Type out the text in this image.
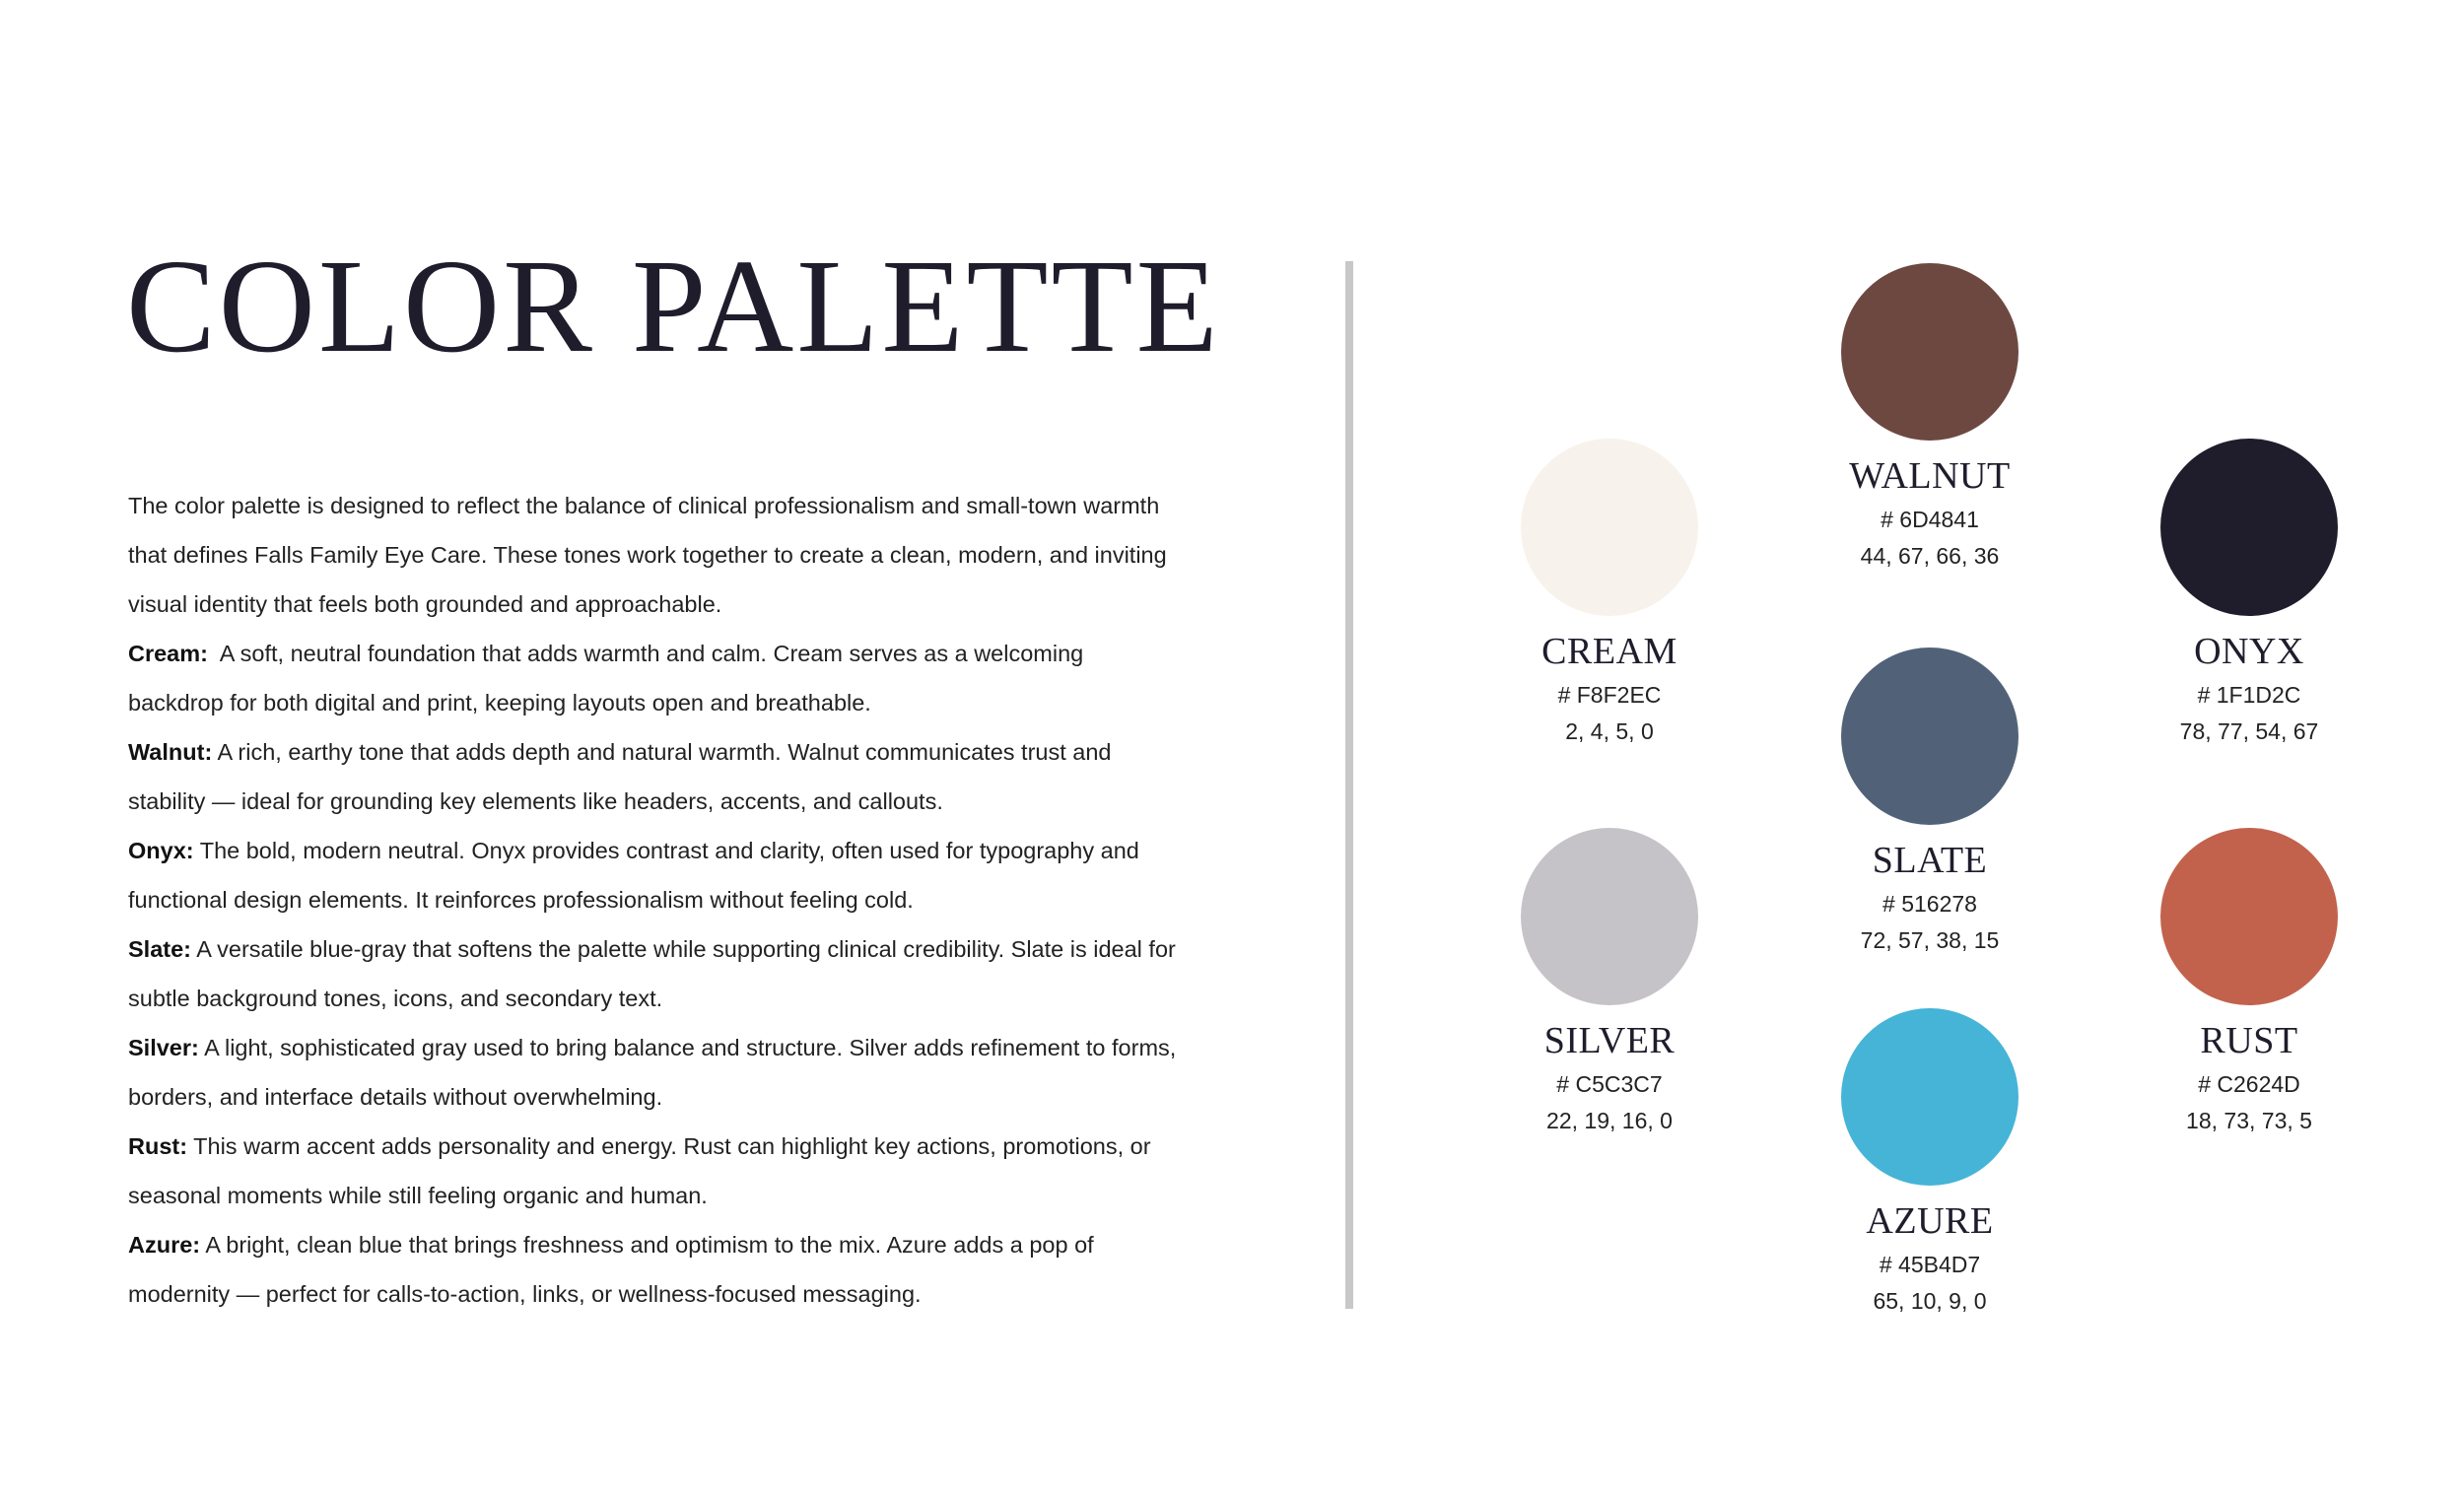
COLOR PALETTE

The color palette is designed to reflect the balance of clinical professionalism and small-town warmth that defines Falls Family Eye Care. These tones work together to create a clean, modern, and inviting visual identity that feels both grounded and approachable.

Cream: A soft, neutral foundation that adds warmth and calm. Cream serves as a welcoming backdrop for both digital and print, keeping layouts open and breathable.

Walnut: A rich, earthy tone that adds depth and natural warmth. Walnut communicates trust and stability — ideal for grounding key elements like headers, accents, and callouts.

Onyx: The bold, modern neutral. Onyx provides contrast and clarity, often used for typography and functional design elements. It reinforces professionalism without feeling cold.

Slate: A versatile blue-gray that softens the palette while supporting clinical credibility. Slate is ideal for subtle background tones, icons, and secondary text.

Silver: A light, sophisticated gray used to bring balance and structure. Silver adds refinement to forms, borders, and interface details without overwhelming.

Rust: This warm accent adds personality and energy. Rust can highlight key actions, promotions, or seasonal moments while still feeling organic and human.

Azure: A bright, clean blue that brings freshness and optimism to the mix. Azure adds a pop of modernity — perfect for calls-to-action, links, or wellness-focused messaging.

WALNUT
# 6D4841
44, 67, 66, 36
CREAM
# F8F2EC
2, 4, 5, 0
ONYX
# 1F1D2C
78, 77, 54, 67
SLATE
# 516278
72, 57, 38, 15
SILVER
# C5C3C7
22, 19, 16, 0
RUST
# C2624D
18, 73, 73, 5
AZURE
# 45B4D7
65, 10, 9, 0
